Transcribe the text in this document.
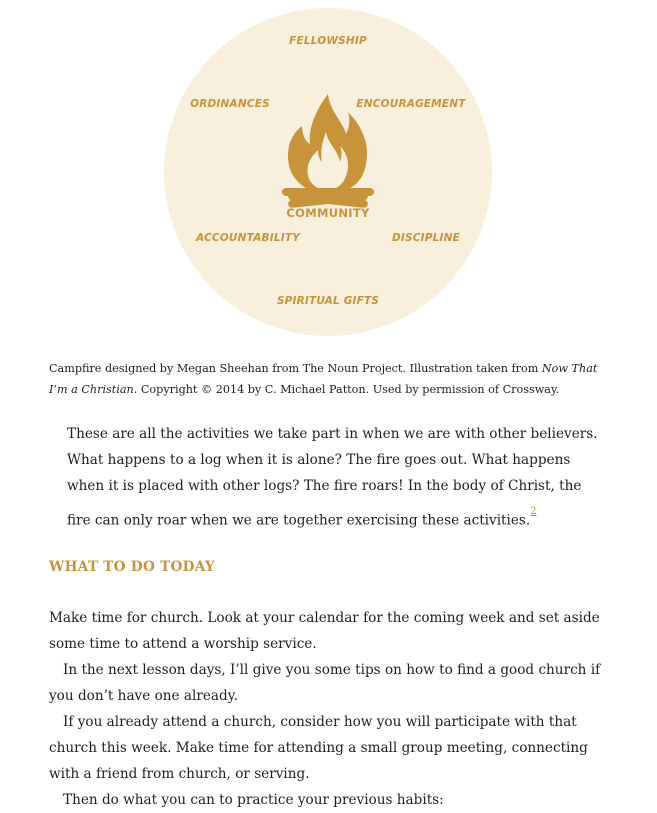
FELLOWSHIP
ORDINANCES	ENCOURAGEMENT
ACCOUNTABILITY	DISCIPLINE
SPIRITUAL GIFTS
COMMUNITY
Campfire designed by Megan Sheehan from The Noun Project. Illustration taken from Now That I’m a Christian. Copyright © 2014 by C. Michael Patton. Used by permission of Crossway.
These are all the activities we take part in when we are with other believers. What happens to a log when it is alone? The fire goes out. What happens when it is placed with other logs? The fire roars! In the body of Christ, the fire can only roar when we are together exercising these activities.$^2$
WHAT TO DO TODAY

Make time for church. Look at your calendar for the coming week and set aside some time to attend a worship service.

In the next lesson days, I’ll give you some tips on how to find a good church if you don’t have one already.

If you already attend a church, consider how you will participate with that church this week. Make time for attending a small group meeting, connecting with a friend from church, or serving.

Then do what you can to practice your previous habits:
